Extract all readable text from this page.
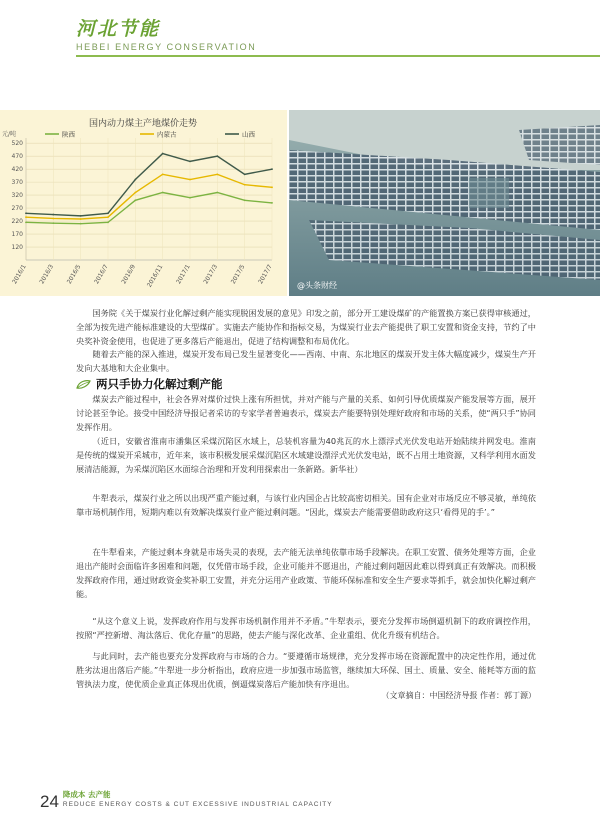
河北节能
HEBEI ENERGY CONSERVATION
国内动力煤主产地煤价走势
元/吨
120
170
220
270
320
370
420
470
520
2016/1 2016/3 2016/5 2016/7 2016/9 2016/11 2017/1 2017/3 2017/5 2017/7
陕西	内蒙古	山西
@头条财经

国务院《关于煤炭行业化解过剩产能实现脱困发展的意见》印发之前，部分开工建设煤矿的产能置换方案已获得审核通过，全部为按先进产能标准建设的大型煤矿。实施去产能协作和指标交易，为煤炭行业去产能提供了职工安置和资金支持，节约了中央奖补资金使用，也促进了更多落后产能退出，促进了结构调整和布局优化。

随着去产能的深入推进，煤炭开发布局已发生显著变化——西南、中南、东北地区的煤炭开发主体大幅度减少，煤炭生产开发向大基地和大企业集中。

两只手协力化解过剩产能

煤炭去产能过程中，社会各界对煤价过快上涨有所担忧，并对产能与产量的关系、如何引导优质煤炭产能发展等方面，展开讨论甚至争论。接受中国经济导报记者采访的专家学者普遍表示，煤炭去产能要特别处理好政府和市场的关系，使“两只手”协同发挥作用。

（近日，安徽省淮南市潘集区采煤沉陷区水域上，总装机容量为40兆瓦的水上漂浮式光伏发电站开始陆续并网发电。淮南是传统的煤炭开采城市，近年来，该市积极发展采煤沉陷区水域建设漂浮式光伏发电站，既不占用土地资源，又科学利用水面发展清洁能源，为采煤沉陷区水面综合治理和开发利用探索出一条新路。新华社）

牛犁表示，煤炭行业之所以出现严重产能过剩，与该行业内国企占比较高密切相关。国有企业对市场反应不够灵敏，单纯依靠市场机制作用，短期内难以有效解决煤炭行业产能过剩问题。“因此，煤炭去产能需要借助政府这只‘看得见的手’。”

在牛犁看来，产能过剩本身就是市场失灵的表现，去产能无法单纯依靠市场手段解决。在职工安置、债务处理等方面，企业退出产能时会面临许多困难和问题，仅凭借市场手段，企业可能并不愿退出，产能过剩问题因此难以得到真正有效解决。而积极发挥政府作用，通过财政资金奖补职工安置，并充分运用产业政策、节能环保标准和安全生产要求等抓手，就会加快化解过剩产能。

“从这个意义上说，发挥政府作用与发挥市场机制作用并不矛盾。”牛犁表示，要充分发挥市场倒逼机制下的政府调控作用，按照“严控新增、淘汰落后、优化存量”的思路，使去产能与深化改革、企业重组、优化升级有机结合。

与此同时，去产能也要充分发挥政府与市场的合力。“要遵循市场规律，充分发挥市场在资源配置中的决定性作用，通过优胜劣汰退出落后产能。”牛犁进一步分析指出，政府应进一步加强市场监管，继续加大环保、国土、质量、安全、能耗等方面的监管执法力度，使优质企业真正体现出优质，倒逼煤炭落后产能加快有序退出。

（文章摘自：中国经济导报 作者：郭丁源）
24 降成本 去产能
REDUCE ENERGY COSTS & CUT EXCESSIVE INDUSTRIAL CAPACITY
